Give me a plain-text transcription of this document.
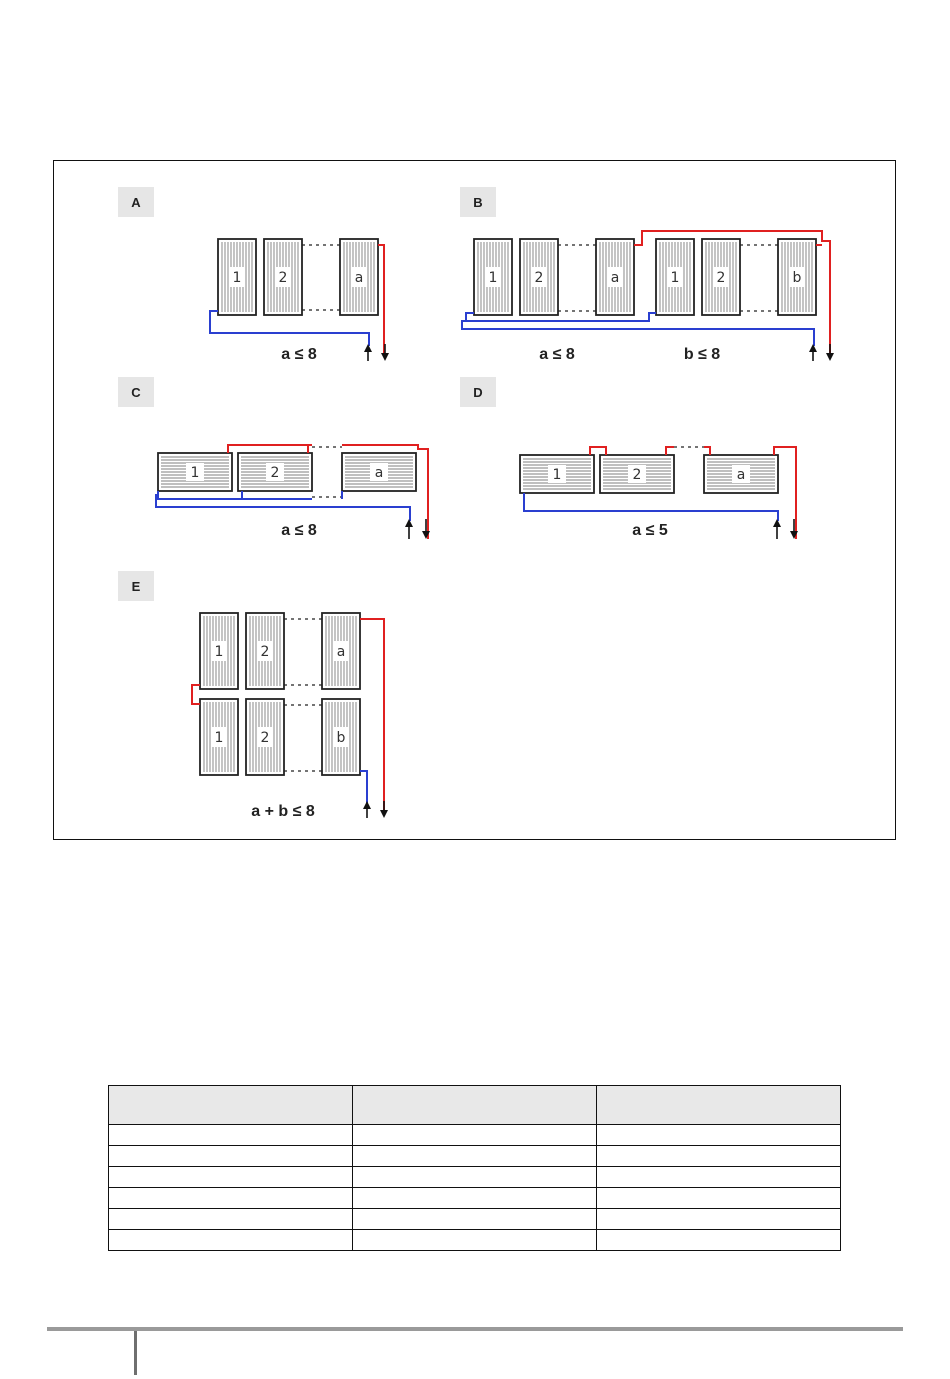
A
1	2	a
a ≤ 8
B
1	2	a	1	2	b
a ≤ 8	b ≤ 8
C
1	2	a
a ≤ 8
D
1	2	a
a ≤ 5
E
1	2	a
1	2	b
a + b ≤ 8
